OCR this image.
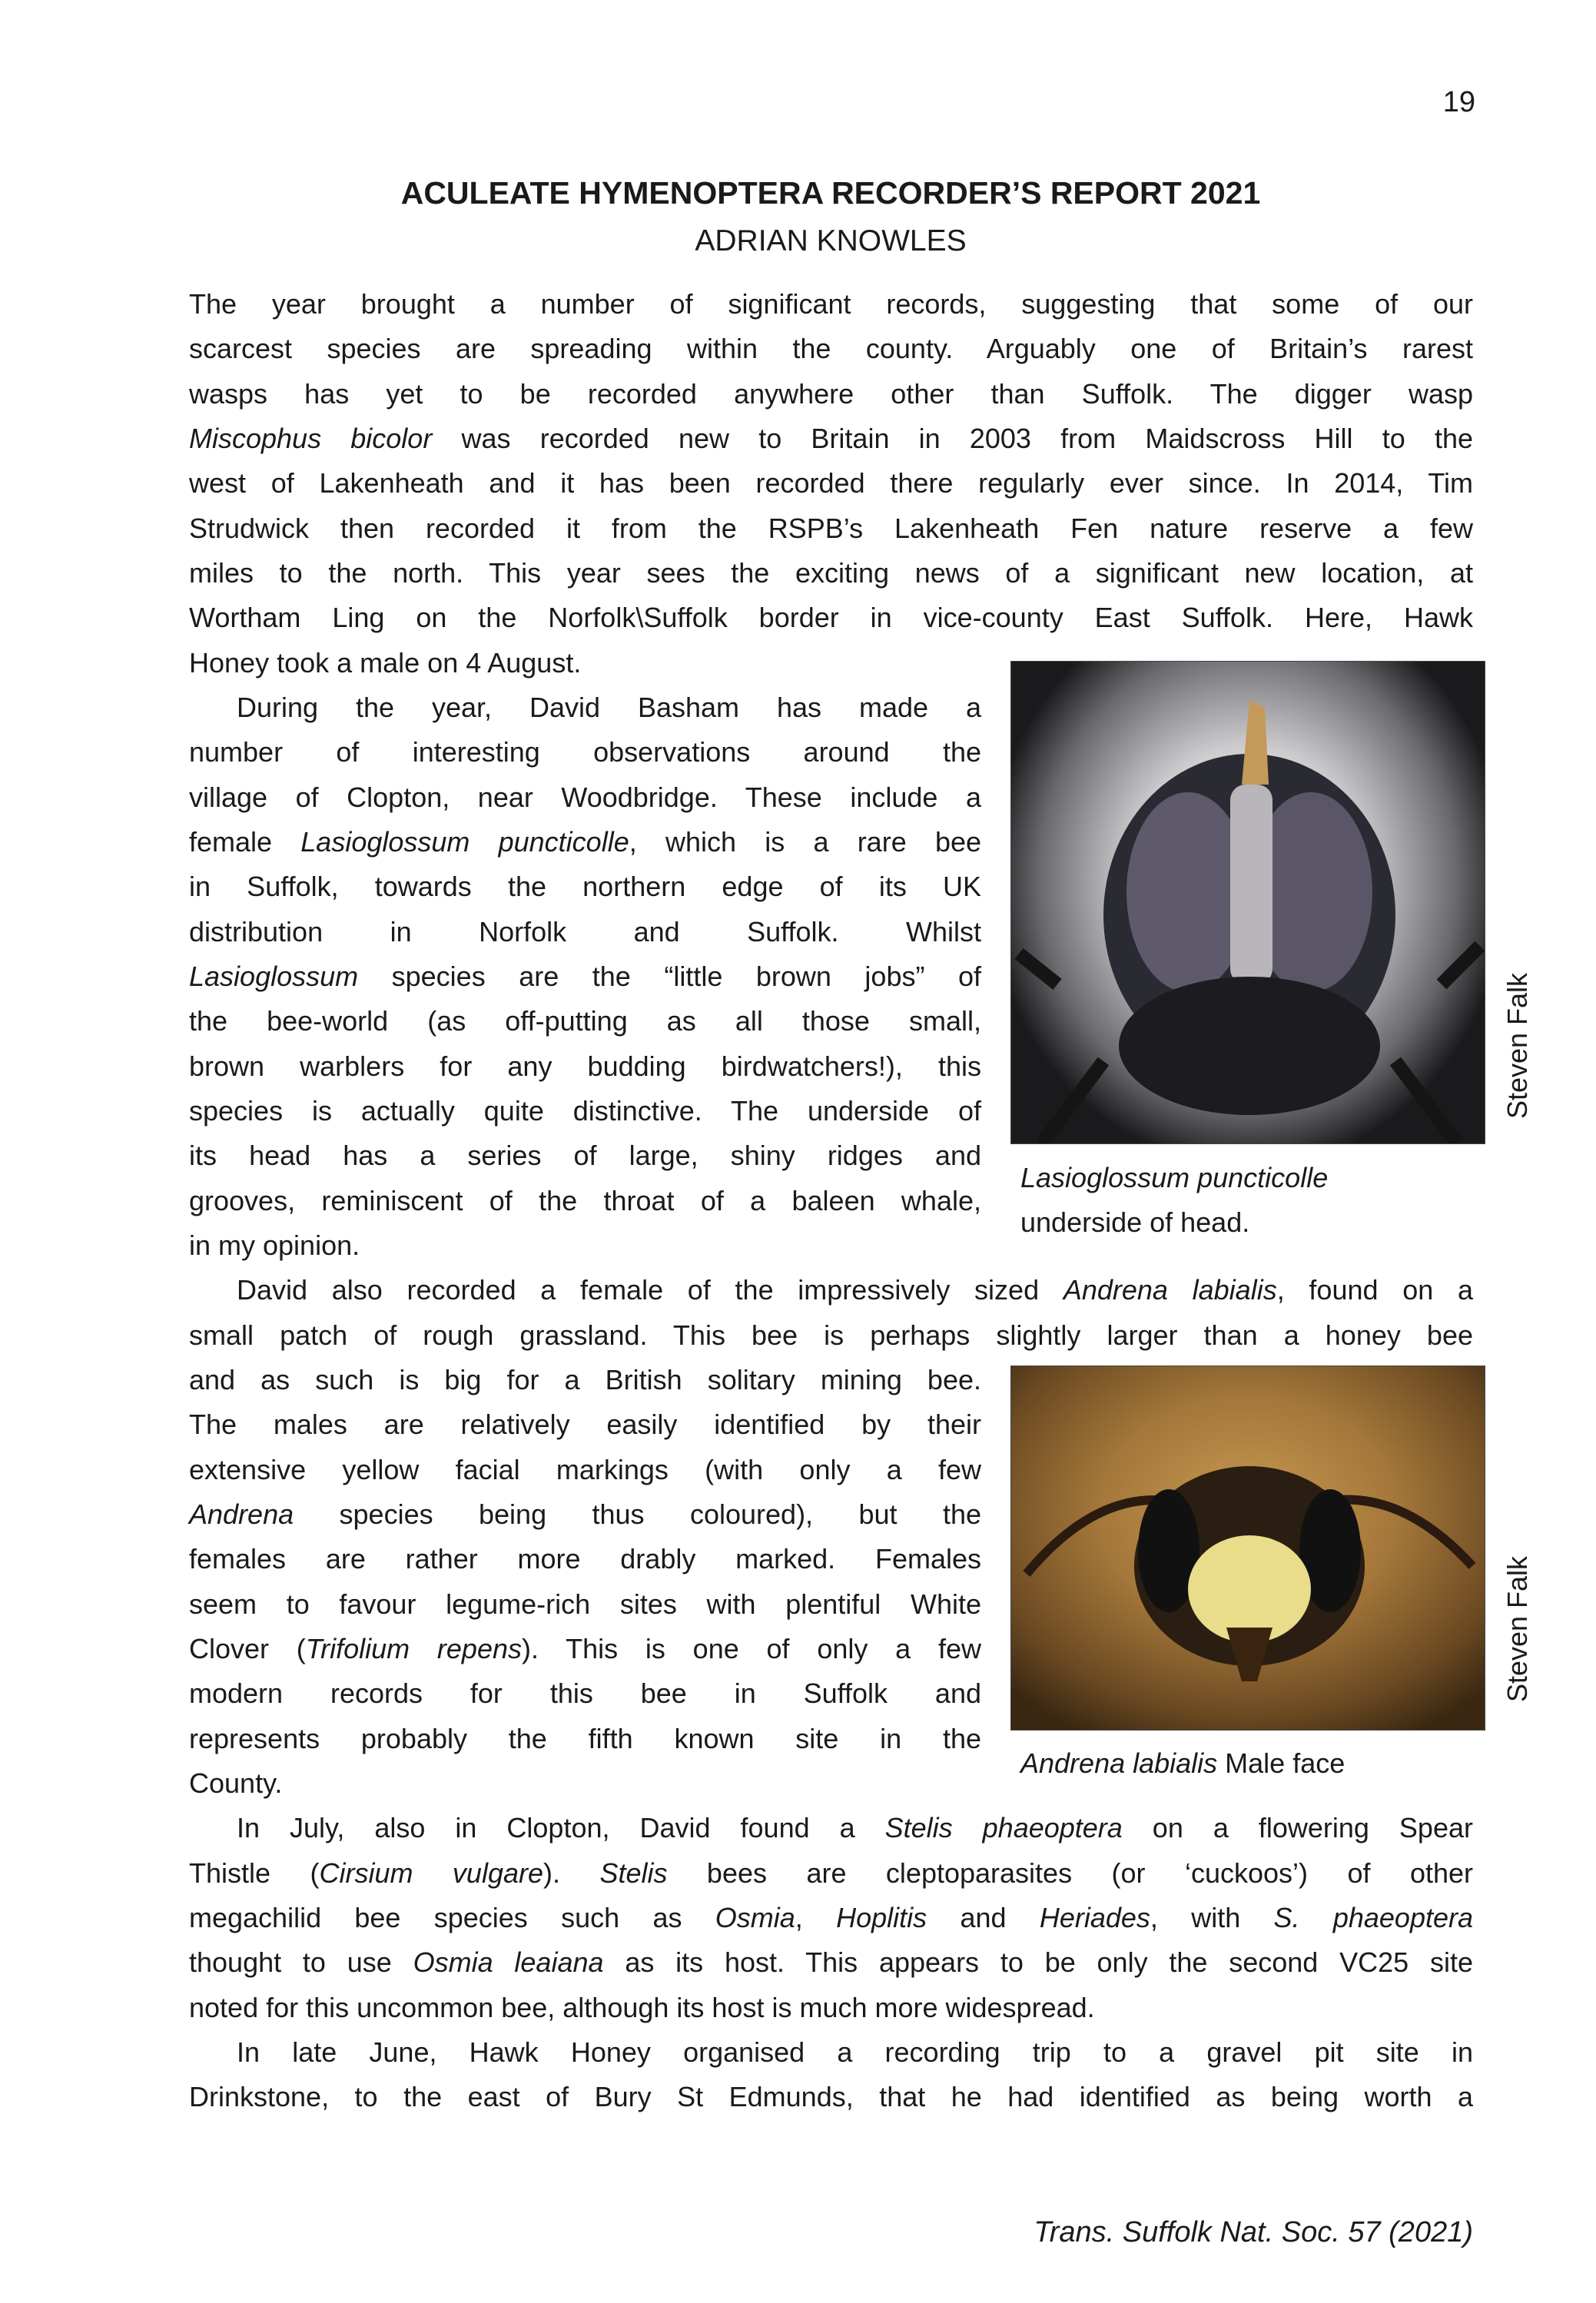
19
ACULEATE HYMENOPTERA RECORDER’S REPORT 2021
ADRIAN KNOWLES
The year brought a number of significant records, suggesting that some of our
scarcest species are spreading within the county. Arguably one of Britain’s rarest
wasps has yet to be recorded anywhere other than Suffolk. The digger wasp
Miscophus bicolor was recorded new to Britain in 2003 from Maidscross Hill to the
west of Lakenheath and it has been recorded there regularly ever since. In 2014, Tim
Strudwick then recorded it from the RSPB’s Lakenheath Fen nature reserve a few
miles to the north. This year sees the exciting news of a significant new location, at
Wortham Ling on the Norfolk\Suffolk border in vice-county East Suffolk. Here, Hawk
Honey took a male on 4 August.
During the year, David Basham has made a
number of interesting observations around the
village of Clopton, near Woodbridge. These include a
female Lasioglossum puncticolle, which is a rare bee
in Suffolk, towards the northern edge of its UK
distribution in Norfolk and Suffolk. Whilst
Lasioglossum species are the “little brown jobs” of
the bee-world (as off-putting as all those small,
brown warblers for any budding birdwatchers!), this
species is actually quite distinctive. The underside of
its head has a series of large, shiny ridges and
grooves, reminiscent of the throat of a baleen whale,
in my opinion.
David also recorded a female of the impressively sized Andrena labialis, found on a
small patch of rough grassland. This bee is perhaps slightly larger than a honey bee
and as such is big for a British solitary mining bee.
The males are relatively easily identified by their
extensive yellow facial markings (with only a few
Andrena species being thus coloured), but the
females are rather more drably marked. Females
seem to favour legume-rich sites with plentiful White
Clover (Trifolium repens). This is one of only a few
modern records for this bee in Suffolk and
represents probably the fifth known site in the
County.
In July, also in Clopton, David found a Stelis phaeoptera on a flowering Spear
Thistle (Cirsium vulgare). Stelis bees are cleptoparasites (or ‘cuckoos’) of other
megachilid bee species such as Osmia, Hoplitis and Heriades, with S. phaeoptera
thought to use Osmia leaiana as its host. This appears to be only the second VC25 site
noted for this uncommon bee, although its host is much more widespread.
In late June, Hawk Honey organised a recording trip to a gravel pit site in
Drinkstone, to the east of Bury St Edmunds, that he had identified as being worth a
Lasioglossum puncticolle
underside of head.
Steven Falk
Andrena labialis Male face
Steven Falk
Trans. Suffolk Nat. Soc. 57 (2021)
